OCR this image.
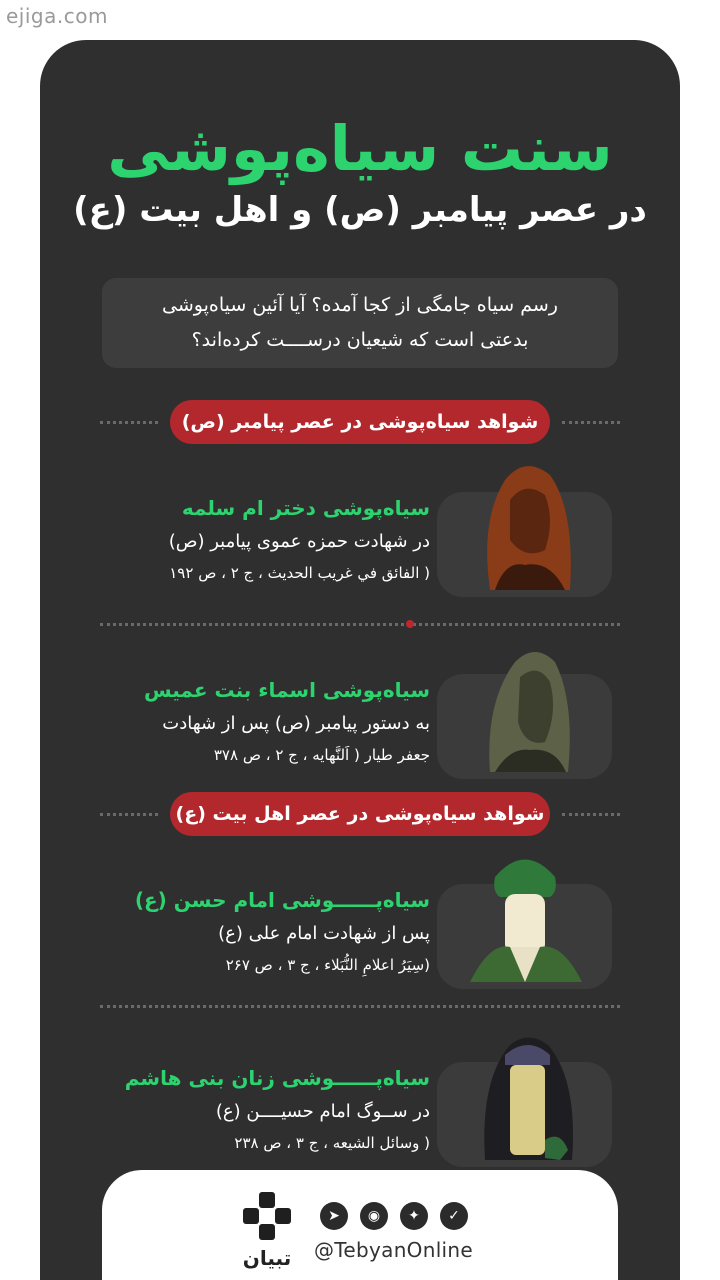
ejiga.com
سنت سیاه‌پوشی
در عصر پیامبر (ص) و اهل بیت (ع)
رسم سیاه جامگی از کجا آمده؟ آیا آئین سیاه‌پوشی
بدعتی است که شیعیان درســــت کرده‌اند؟
شواهد سیاه‌پوشی در عصر پیامبر (ص)
سیاه‌پوشی دختر ام سلمه
در شهادت حمزه عموی پیامبر (ص)
( الفائق في غريب الحديث ، ج ۲ ، ص ۱۹۲
سیاه‌پوشی اسماء بنت عمیس
به دستور پیامبر (ص) پس از شهادت
جعفر طیار ( اَلنَّهایه ، ج ۲ ، ص ۳۷۸
شواهد سیاه‌پوشی در عصر اهل بیت (ع)
سیاه‌پــــــوشی امام حسن (ع)
پس از شهادت امام علی (ع)
(سِیَرُ اعلامِ النُّبَلاء ، ج ۳ ، ص ۲۶۷
سیاه‌پــــــوشی زنان بنی هاشم
در ســوگ امام حسیــــن (ع)
( وسائل الشیعه ، ج ۳ ، ص ۲۳۸
تبیان
➤	◉	✦	✓
@TebyanOnline
